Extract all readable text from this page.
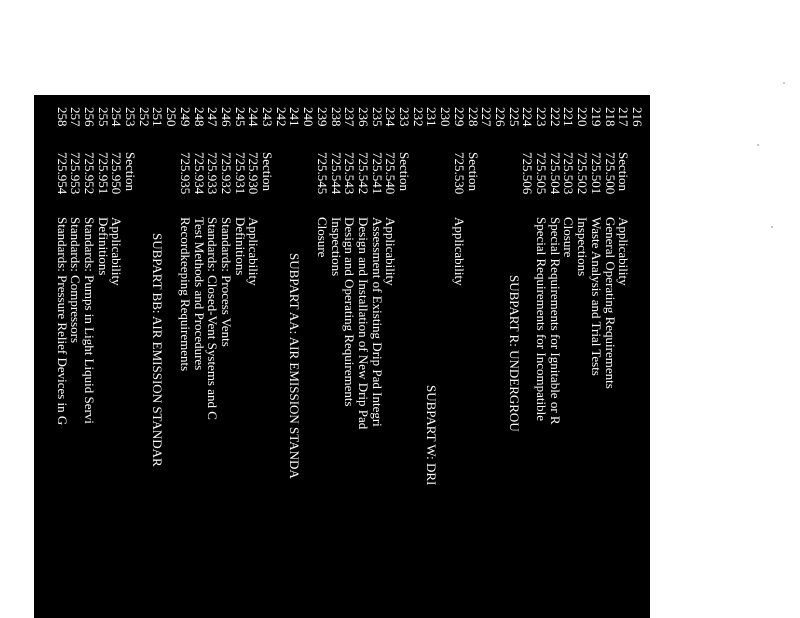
216
217
Section
Applicability
218
725.500
General Operating Requirements
219
725.501
Waste Analysis and Trial Tests
220
725.502
Inspections
221
725.503
Closure
222
725.504
Special Requirements for Ignitable or R
223
725.505
Special Requirements for Incompatible
224
725.506
225
SUBPART R: UNDERGROU
226
227
228
Section
229
725.530
Applicability
230
231
SUBPART W: DRI
232
233
Section
234
725.540
Applicability
235
725.541
Assessment of Existing Drip Pad Integri
236
725.542
Design and Installation of New Drip Pad
237
725.543
Design and Operating Requirements
238
725.544
Inspections
239
725.545
Closure
240
241
SUBPART AA: AIR EMISSION STANDA
242
243
Section
244
725.930
Applicability
245
725.931
Definitions
246
725.932
Standards: Process Vents
247
725.933
Standards: Closed-Vent Systems and C
248
725.934
Test Methods and Procedures
249
725.935
Recordkeeping Requirements
250
251
SUBPART BB: AIR EMISSION STANDAR
252
253
Section
254
725.950
Applicability
255
725.951
Definitions
256
725.952
Standards: Pumps in Light Liquid Servi
257
725.953
Standards: Compressors
258
725.954
Standards: Pressure Relief Devices in G
